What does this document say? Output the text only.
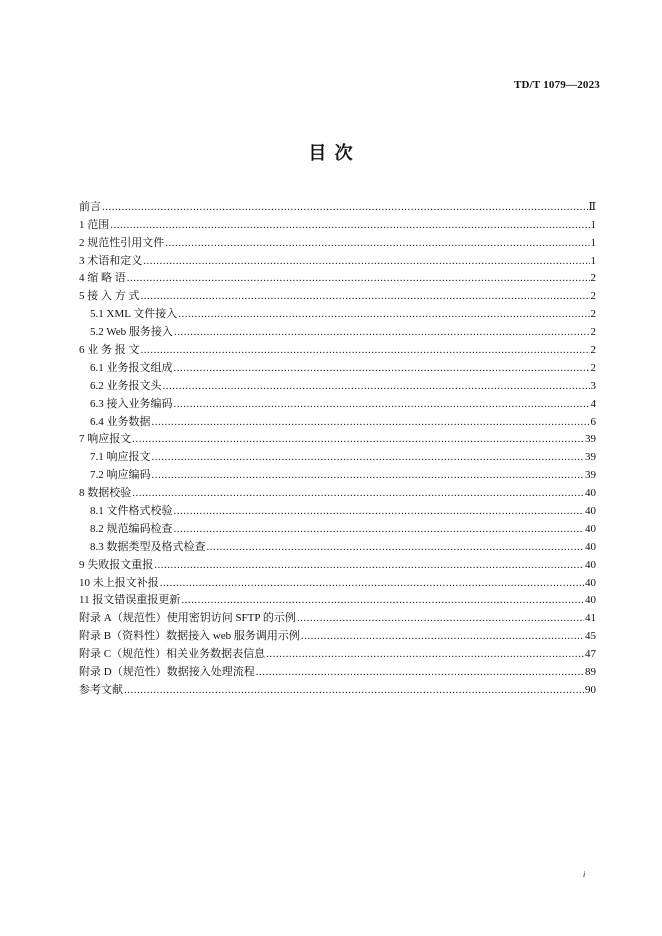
TD/T 1079—2023
目 次
前言 .....	Ⅱ
1 范围 .....	1
2 规范性引用文件 .....	1
3 术语和定义 .....	1
4 缩 略 语 .....	2
5 接 入 方 式 .....	2
5.1 XML 文件接入 .....	2
5.2 Web 服务接入 .....	2
6 业 务 报 文 .....	2
6.1 业务报文组成 .....	2
6.2 业务报文头 .....	3
6.3 接入业务编码 .....	4
6.4 业务数据 .....	6
7 响应报文 .....	39
7.1 响应报文 .....	39
7.2 响应编码 .....	39
8 数据校验 .....	40
8.1 文件格式校验 .....	40
8.2 规范编码检查 .....	40
8.3 数据类型及格式检查 .....	40
9 失败报文重报 .....	40
10 未上报文补报 .....	40
11 报文错误重报更新 .....	40
附录 A（规范性）使用密钥访问 SFTP 的示例 .....	41
附录 B（资料性）数据接入 web 服务调用示例 .....	45
附录 C（规范性）相关业务数据表信息 .....	47
附录 D（规范性）数据接入处理流程 .....	89
参考文献 .....	90
i
